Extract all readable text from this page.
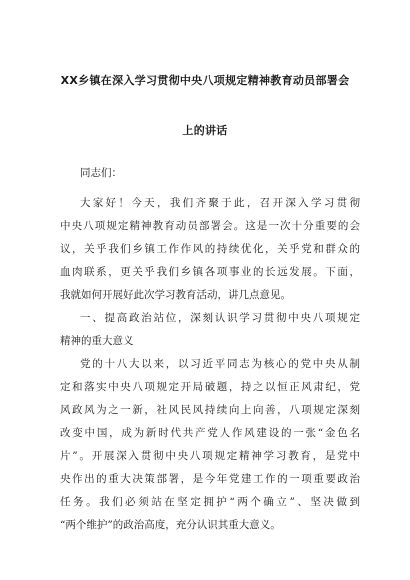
XX乡镇在深入学习贯彻中央八项规定精神教育动员部署会
上的讲话
同志们：
大家好！今天，我们齐聚于此，召开深入学习贯彻
中央八项规定精神教育动员部署会。这是一次十分重要的会
议，关乎我们乡镇工作作风的持续优化，关乎党和群众的
血肉联系，更关乎我们乡镇各项事业的长远发展。下面，
我就如何开展好此次学习教育活动，讲几点意见。
一、提高政治站位，深刻认识学习贯彻中央八项规定
精神的重大意义
党的十八大以来，以习近平同志为核心的党中央从制
定和落实中央八项规定开局破题，持之以恒正风肃纪，党
风政风为之一新，社风民风持续向上向善，八项规定深刻
改变中国，成为新时代共产党人作风建设的一张“金色名
片”。开展深入贯彻中央八项规定精神学习教育，是党中
央作出的重大决策部署，是今年党建工作的一项重要政治
任务。我们必须站在坚定拥护“两个确立”、坚决做到
“两个维护”的政治高度，充分认识其重大意义。
